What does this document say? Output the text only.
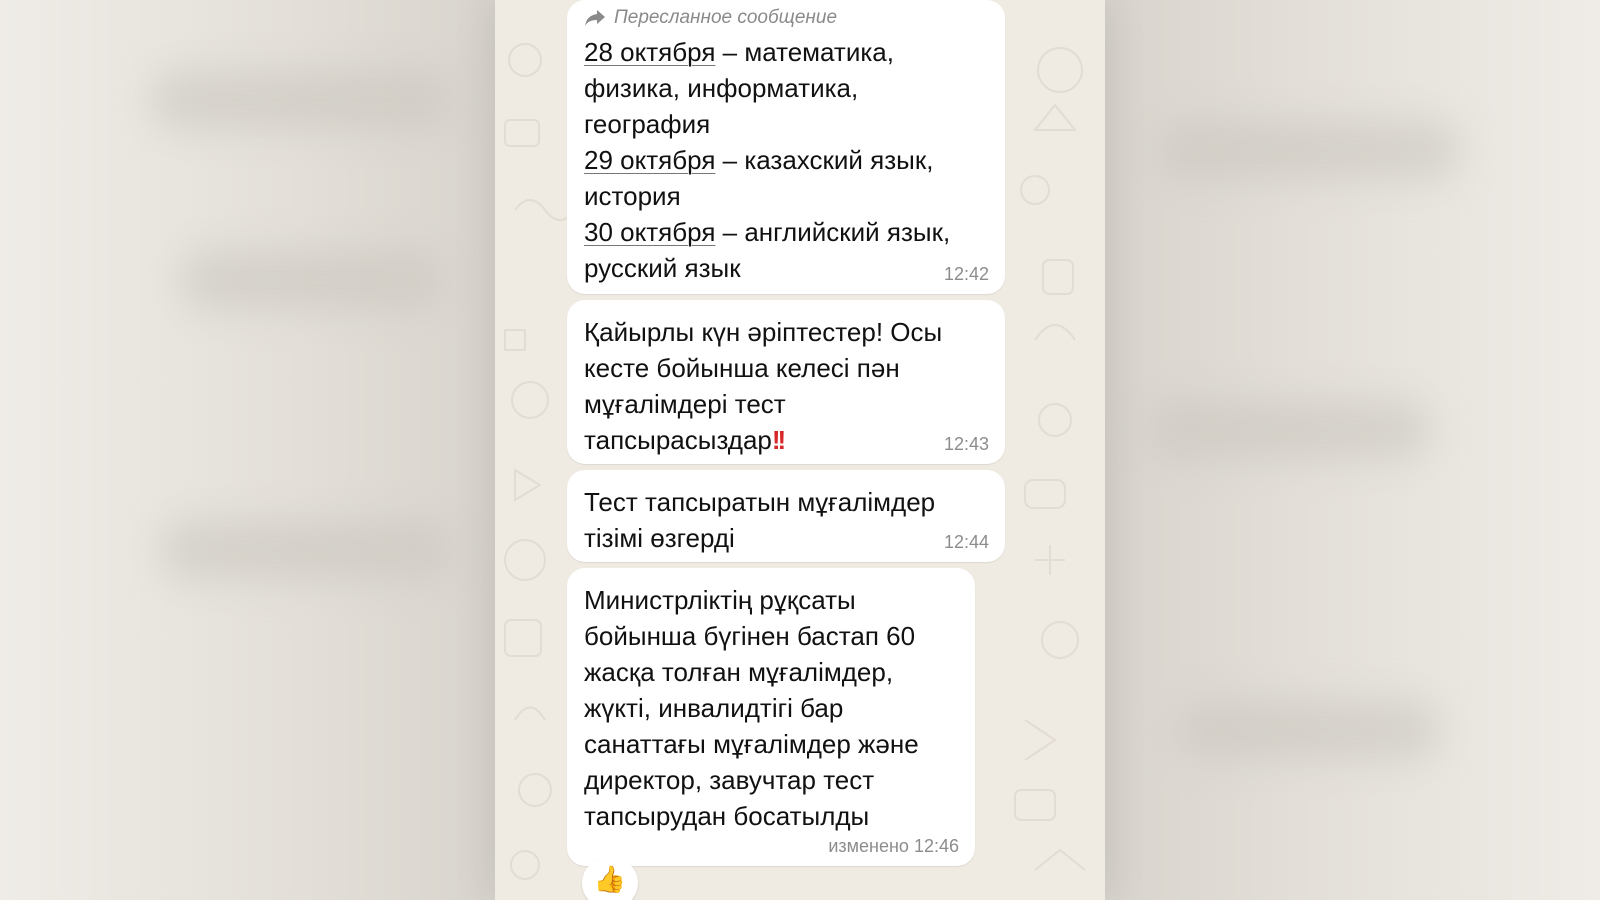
Пересланное сообщение
28 октября – математика,
физика, информатика,
география
29 октября – казахский язык,
история
30 октября – английский язык,
русский язык	12:42
Қайырлы күн әріптестер! Осы
кесте бойынша келесі пән
мұғалімдері тест
тапсырасыздар!!	12:43
Тест тапсыратын мұғалімдер
тізімі өзгерді	12:44
Министрліктің рұқсаты
бойынша бүгінен бастап 60
жасқа толған мұғалімдер,
жүкті, инвалидтігі бар
санаттағы мұғалімдер және
директор, завучтар тест
тапсырудан босатылды
изменено 12:46
👍
